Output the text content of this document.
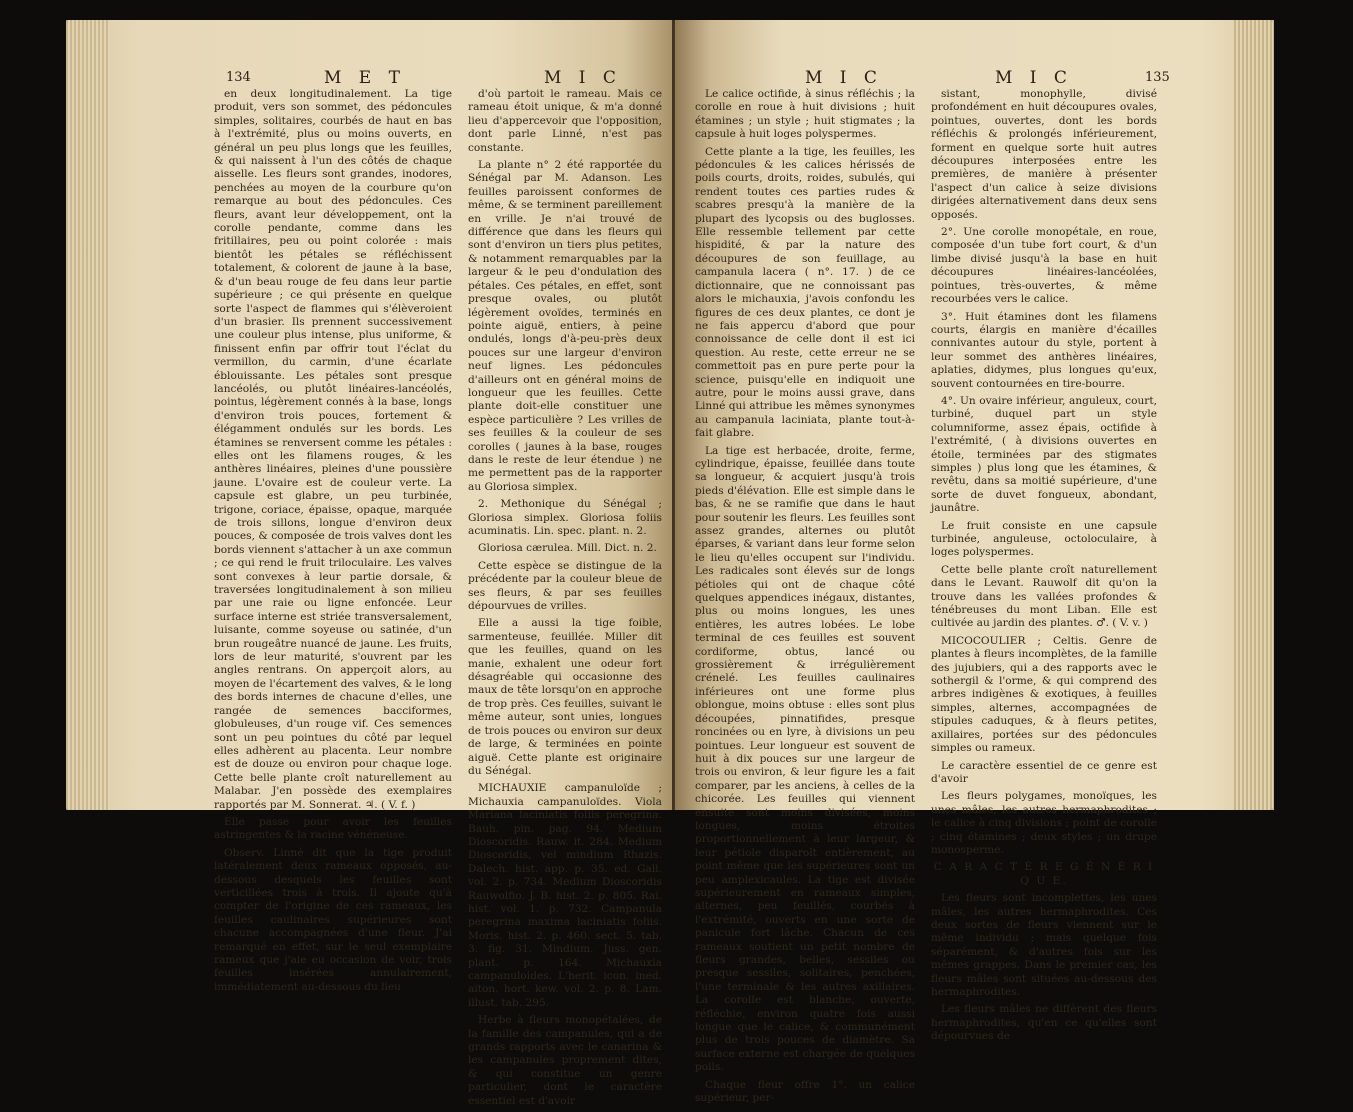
134	M E T	M I C

en deux longitudinalement. La tige produit, vers son sommet, des pédoncules simples, solitaires, courbés de haut en bas à l'extrémité, plus ou moins ouverts, en général un peu plus longs que les feuilles, & qui naissent à l'un des côtés de chaque aisselle. Les fleurs sont grandes, inodores, penchées au moyen de la courbure qu'on remarque au bout des pédoncules. Ces fleurs, avant leur développement, ont la corolle pendante, comme dans les fritillaires, peu ou point colorée : mais bientôt les pétales se réfléchissent totalement, & colorent de jaune à la base, & d'un beau rouge de feu dans leur partie supérieure ; ce qui présente en quelque sorte l'aspect de flammes qui s'élèveroient d'un brasier. Ils prennent successivement une couleur plus intense, plus uniforme, & finissent enfin par offrir tout l'éclat du vermillon, du carmin, d'une écarlate éblouissante. Les pétales sont presque lancéolés, ou plutôt linéaires-lancéolés, pointus, légèrement connés à la base, longs d'environ trois pouces, fortement & élégamment ondulés sur les bords. Les étamines se renversent comme les pétales : elles ont les filamens rouges, & les anthères linéaires, pleines d'une poussière jaune. L'ovaire est de couleur verte. La capsule est glabre, un peu turbinée, trigone, coriace, épaisse, opaque, marquée de trois sillons, longue d'environ deux pouces, & composée de trois valves dont les bords viennent s'attacher à un axe commun ; ce qui rend le fruit triloculaire. Les valves sont convexes à leur partie dorsale, & traversées longitudinalement à son milieu par une raie ou ligne enfoncée. Leur surface interne est striée transversalement, luisante, comme soyeuse ou satinée, d'un brun rougeâtre nuancé de jaune. Les fruits, lors de leur maturité, s'ouvrent par les angles rentrans. On apperçoit alors, au moyen de l'écartement des valves, & le long des bords internes de chacune d'elles, une rangée de semences bacciformes, globuleuses, d'un rouge vif. Ces semences sont un peu pointues du côté par lequel elles adhèrent au placenta. Leur nombre est de douze ou environ pour chaque loge. Cette belle plante croît naturellement au Malabar. J'en possède des exemplaires rapportés par M. Sonnerat. ♃. ( V. f. )

Elle passe pour avoir les feuilles astringentes & la racine vénéneuse.

Observ. Linné dit que la tige produit latéralement deux rameaux opposés, au-dessous desquels les feuilles sont verticillées trois à trois. Il ajoute qu'à compter de l'origine de ces rameaux, les feuilles caulinaires supérieures sont chacune accompagnées d'une fleur. J'ai remarqué en effet, sur le seul exemplaire rameux que j'aie eu occasion de voir, trois feuilles insérées annulairement, immédiatement au-dessous du lieu

d'où partoit le rameau. Mais ce rameau étoit unique, & m'a donné lieu d'appercevoir que l'opposition, dont parle Linné, n'est pas constante.

La plante n° 2 été rapportée du Sénégal par M. Adanson. Les feuilles paroissent conformes de même, & se terminent pareillement en vrille. Je n'ai trouvé de différence que dans les fleurs qui sont d'environ un tiers plus petites, & notamment remarquables par la largeur & le peu d'ondulation des pétales. Ces pétales, en effet, sont presque ovales, ou plutôt légèrement ovoïdes, terminés en pointe aiguë, entiers, à peine ondulés, longs d'à-peu-près deux pouces sur une largeur d'environ neuf lignes. Les pédoncules d'ailleurs ont en général moins de longueur que les feuilles. Cette plante doit-elle constituer une espèce particulière ? Les vrilles de ses feuilles & la couleur de ses corolles ( jaunes à la base, rouges dans le reste de leur étendue ) ne me permettent pas de la rapporter au Gloriosa simplex.

2. Methonique du Sénégal ; Gloriosa simplex. Gloriosa foliis acuminatis. Lin. spec. plant. n. 2.

Gloriosa cærulea. Mill. Dict. n. 2.

Cette espèce se distingue de la précédente par la couleur bleue de ses fleurs, & par ses feuilles dépourvues de vrilles.

Elle a aussi la tige foible, sarmenteuse, feuillée. Miller dit que les feuilles, quand on les manie, exhalent une odeur fort désagréable qui occasionne des maux de tête lorsqu'on en approche de trop près. Ces feuilles, suivant le même auteur, sont unies, longues de trois pouces ou environ sur deux de large, & terminées en pointe aiguë. Cette plante est originaire du Sénégal.

MICHAUXIE campanuloïde ; Michauxia campanuloïdes. Viola Mariana laciniatis foliis peregrina. Bauh. pin. pag. 94. Medium Dioscoridis. Rauw. it. 284. Medium Dioscoridis, vel mindium Rhazis. Dalech. hist. app. p. 35. ed. Gall. vol. 2. p. 734. Medium Dioscoridis Rauwolfio. J. B. hist. 2. p. 805. Rai. hist. vol. 1. p. 732. Campanula peregrina maxima laciniatis foliis. Moris. hist. 2. p. 460. sect. 5. tab. 3. fig. 31. Mindium. Juss. gen. plant. p. 164. Michauxia campanuloides. L'herit. icon. ined. aiton. hort. kew. vol. 2. p. 8. Lam. illust. tab. 295.

Herbe à fleurs monopétalées, de la famille des campanules, qui a de grands rapports avec le canarina & les campanules proprement dites, & qui constitue un genre particulier, dont le caractère essentiel est d'avoir

M I C	M I C	135

Le calice octifide, à sinus réfléchis ; la corolle en roue à huit divisions ; huit étamines ; un style ; huit stigmates ; la capsule à huit loges polyspermes.

Cette plante a la tige, les feuilles, les pédoncules & les calices hérissés de poils courts, droits, roides, subulés, qui rendent toutes ces parties rudes & scabres presqu'à la manière de la plupart des lycopsis ou des buglosses. Elle ressemble tellement par cette hispidité, & par la nature des découpures de son feuillage, au campanula lacera ( n°. 17. ) de ce dictionnaire, que ne connoissant pas alors le michauxia, j'avois confondu les figures de ces deux plantes, ce dont je ne fais appercu d'abord que pour connoissance de celle dont il est ici question. Au reste, cette erreur ne se commettoit pas en pure perte pour la science, puisqu'elle en indiquoit une autre, pour le moins aussi grave, dans Linné qui attribue les mêmes synonymes au campanula laciniata, plante tout-à-fait glabre.

La tige est herbacée, droite, ferme, cylindrique, épaisse, feuillée dans toute sa longueur, & acquiert jusqu'à trois pieds d'élévation. Elle est simple dans le bas, & ne se ramifie que dans le haut pour soutenir les fleurs. Les feuilles sont assez grandes, alternes ou plutôt éparses, & variant dans leur forme selon le lieu qu'elles occupent sur l'individu. Les radicales sont élevés sur de longs pétioles qui ont de chaque côté quelques appendices inégaux, distantes, plus ou moins longues, les unes entières, les autres lobées. Le lobe terminal de ces feuilles est souvent cordiforme, obtus, lancé ou grossièrement & irrégulièrement crénelé. Les feuilles caulinaires inférieures ont une forme plus oblongue, moins obtuse : elles sont plus découpées, pinnatifides, presque roncinées ou en lyre, à divisions un peu pointues. Leur longueur est souvent de huit à dix pouces sur une largeur de trois ou environ, & leur figure les a fait comparer, par les anciens, à celles de la chicorée. Les feuilles qui viennent ensuite sont moins divisées, moins longues, moins étroites proportionnellement à leur largeur, & leur pétiole disparoît entièrement, au point même que les supérieures sont un peu amplexicaules. La tige est divisée supérieurement en rameaux simples, alternes, peu feuillés, courbés à l'extrémité, ouverts en une sorte de panicule fort lâche. Chacun de ces rameaux soutient un petit nombre de fleurs grandes, belles, sessiles ou presque sessiles, solitaires, penchées, l'une terminale & les autres axillaires. La corolle est blanche, ouverte, réfléchie, environ quatre fois aussi longue que le calice, & communément plus de trois pouces de diamètre. Sa surface externe est chargée de quelques poils.

Chaque fleur offre 1°. un calice supérieur, per-

sistant, monophylle, divisé profondément en huit découpures ovales, pointues, ouvertes, dont les bords réfléchis & prolongés inférieurement, forment en quelque sorte huit autres découpures interposées entre les premières, de manière à présenter l'aspect d'un calice à seize divisions dirigées alternativement dans deux sens opposés.

2°. Une corolle monopétale, en roue, composée d'un tube fort court, & d'un limbe divisé jusqu'à la base en huit découpures linéaires-lancéolées, pointues, très-ouvertes, & même recourbées vers le calice.

3°. Huit étamines dont les filamens courts, élargis en manière d'écailles connivantes autour du style, portent à leur sommet des anthères linéaires, aplaties, didymes, plus longues qu'eux, souvent contournées en tire-bourre.

4°. Un ovaire inférieur, anguleux, court, turbiné, duquel part un style columniforme, assez épais, octifide à l'extrémité, ( à divisions ouvertes en étoile, terminées par des stigmates simples ) plus long que les étamines, & revêtu, dans sa moitié supérieure, d'une sorte de duvet fongueux, abondant, jaunâtre.

Le fruit consiste en une capsule turbinée, anguleuse, octoloculaire, à loges polyspermes.

Cette belle plante croît naturellement dans le Levant. Rauwolf dit qu'on la trouve dans les vallées profondes & ténébreuses du mont Liban. Elle est cultivée au jardin des plantes. ♂. ( V. v. )

MICOCOULIER ; Celtis. Genre de plantes à fleurs incomplètes, de la famille des jujubiers, qui a des rapports avec le sothergil & l'orme, & qui comprend des arbres indigènes & exotiques, à feuilles simples, alternes, accompagnées de stipules caduques, & à fleurs petites, axillaires, portées sur des pédoncules simples ou rameux.

Le caractère essentiel de ce genre est d'avoir

Les fleurs polygames, monoïques, les unes mâles, les autres hermaphrodites ; le calice à cinq divisions ; point de corolle ; cinq étamines ; deux styles ; un drupe monosperme.

C A R A C T È R E G É N É R I Q U E.

Les fleurs sont incomplettes, les unes mâles, les autres hermaphrodites. Ces deux sortes de fleurs viennent sur le même individu ; mais quelque fois séparément, & d'autres fois sur les mêmes grappes. Dans le premier cas, les fleurs mâles sont situées au-dessous des hermaphrodites.

Les fleurs mâles ne diffèrent des fleurs hermaphrodites, qu'en ce qu'elles sont dépourvues de
